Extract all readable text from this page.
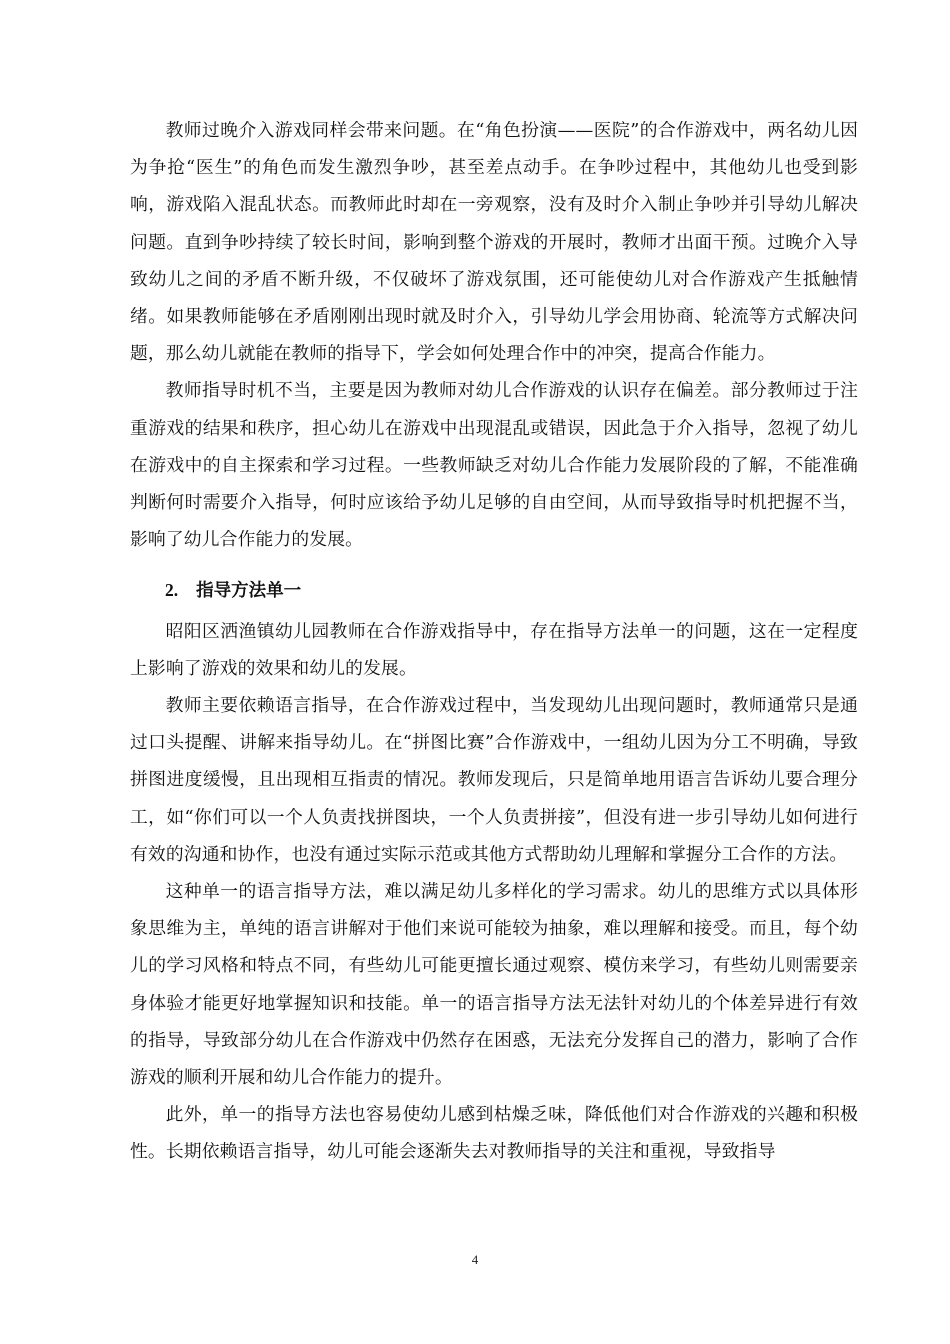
教师过晚介入游戏同样会带来问题。在“角色扮演——医院”的合作游戏中，两名幼儿因为争抢“医生”的角色而发生激烈争吵，甚至差点动手。在争吵过程中，其他幼儿也受到影响，游戏陷入混乱状态。而教师此时却在一旁观察，没有及时介入制止争吵并引导幼儿解决问题。直到争吵持续了较长时间，影响到整个游戏的开展时，教师才出面干预。过晚介入导致幼儿之间的矛盾不断升级，不仅破坏了游戏氛围，还可能使幼儿对合作游戏产生抵触情绪。如果教师能够在矛盾刚刚出现时就及时介入，引导幼儿学会用协商、轮流等方式解决问题，那么幼儿就能在教师的指导下，学会如何处理合作中的冲突，提高合作能力。

教师指导时机不当，主要是因为教师对幼儿合作游戏的认识存在偏差。部分教师过于注重游戏的结果和秩序，担心幼儿在游戏中出现混乱或错误，因此急于介入指导，忽视了幼儿在游戏中的自主探索和学习过程。一些教师缺乏对幼儿合作能力发展阶段的了解，不能准确判断何时需要介入指导，何时应该给予幼儿足够的自由空间，从而导致指导时机把握不当，影响了幼儿合作能力的发展。

2. 指导方法单一

昭阳区洒渔镇幼儿园教师在合作游戏指导中，存在指导方法单一的问题，这在一定程度上影响了游戏的效果和幼儿的发展。

教师主要依赖语言指导，在合作游戏过程中，当发现幼儿出现问题时，教师通常只是通过口头提醒、讲解来指导幼儿。在“拼图比赛”合作游戏中，一组幼儿因为分工不明确，导致拼图进度缓慢，且出现相互指责的情况。教师发现后，只是简单地用语言告诉幼儿要合理分工，如“你们可以一个人负责找拼图块，一个人负责拼接”，但没有进一步引导幼儿如何进行有效的沟通和协作，也没有通过实际示范或其他方式帮助幼儿理解和掌握分工合作的方法。

这种单一的语言指导方法，难以满足幼儿多样化的学习需求。幼儿的思维方式以具体形象思维为主，单纯的语言讲解对于他们来说可能较为抽象，难以理解和接受。而且，每个幼儿的学习风格和特点不同，有些幼儿可能更擅长通过观察、模仿来学习，有些幼儿则需要亲身体验才能更好地掌握知识和技能。单一的语言指导方法无法针对幼儿的个体差异进行有效的指导，导致部分幼儿在合作游戏中仍然存在困惑，无法充分发挥自己的潜力，影响了合作游戏的顺利开展和幼儿合作能力的提升。

此外，单一的指导方法也容易使幼儿感到枯燥乏味，降低他们对合作游戏的兴趣和积极性。长期依赖语言指导，幼儿可能会逐渐失去对教师指导的关注和重视，导致指导

4
